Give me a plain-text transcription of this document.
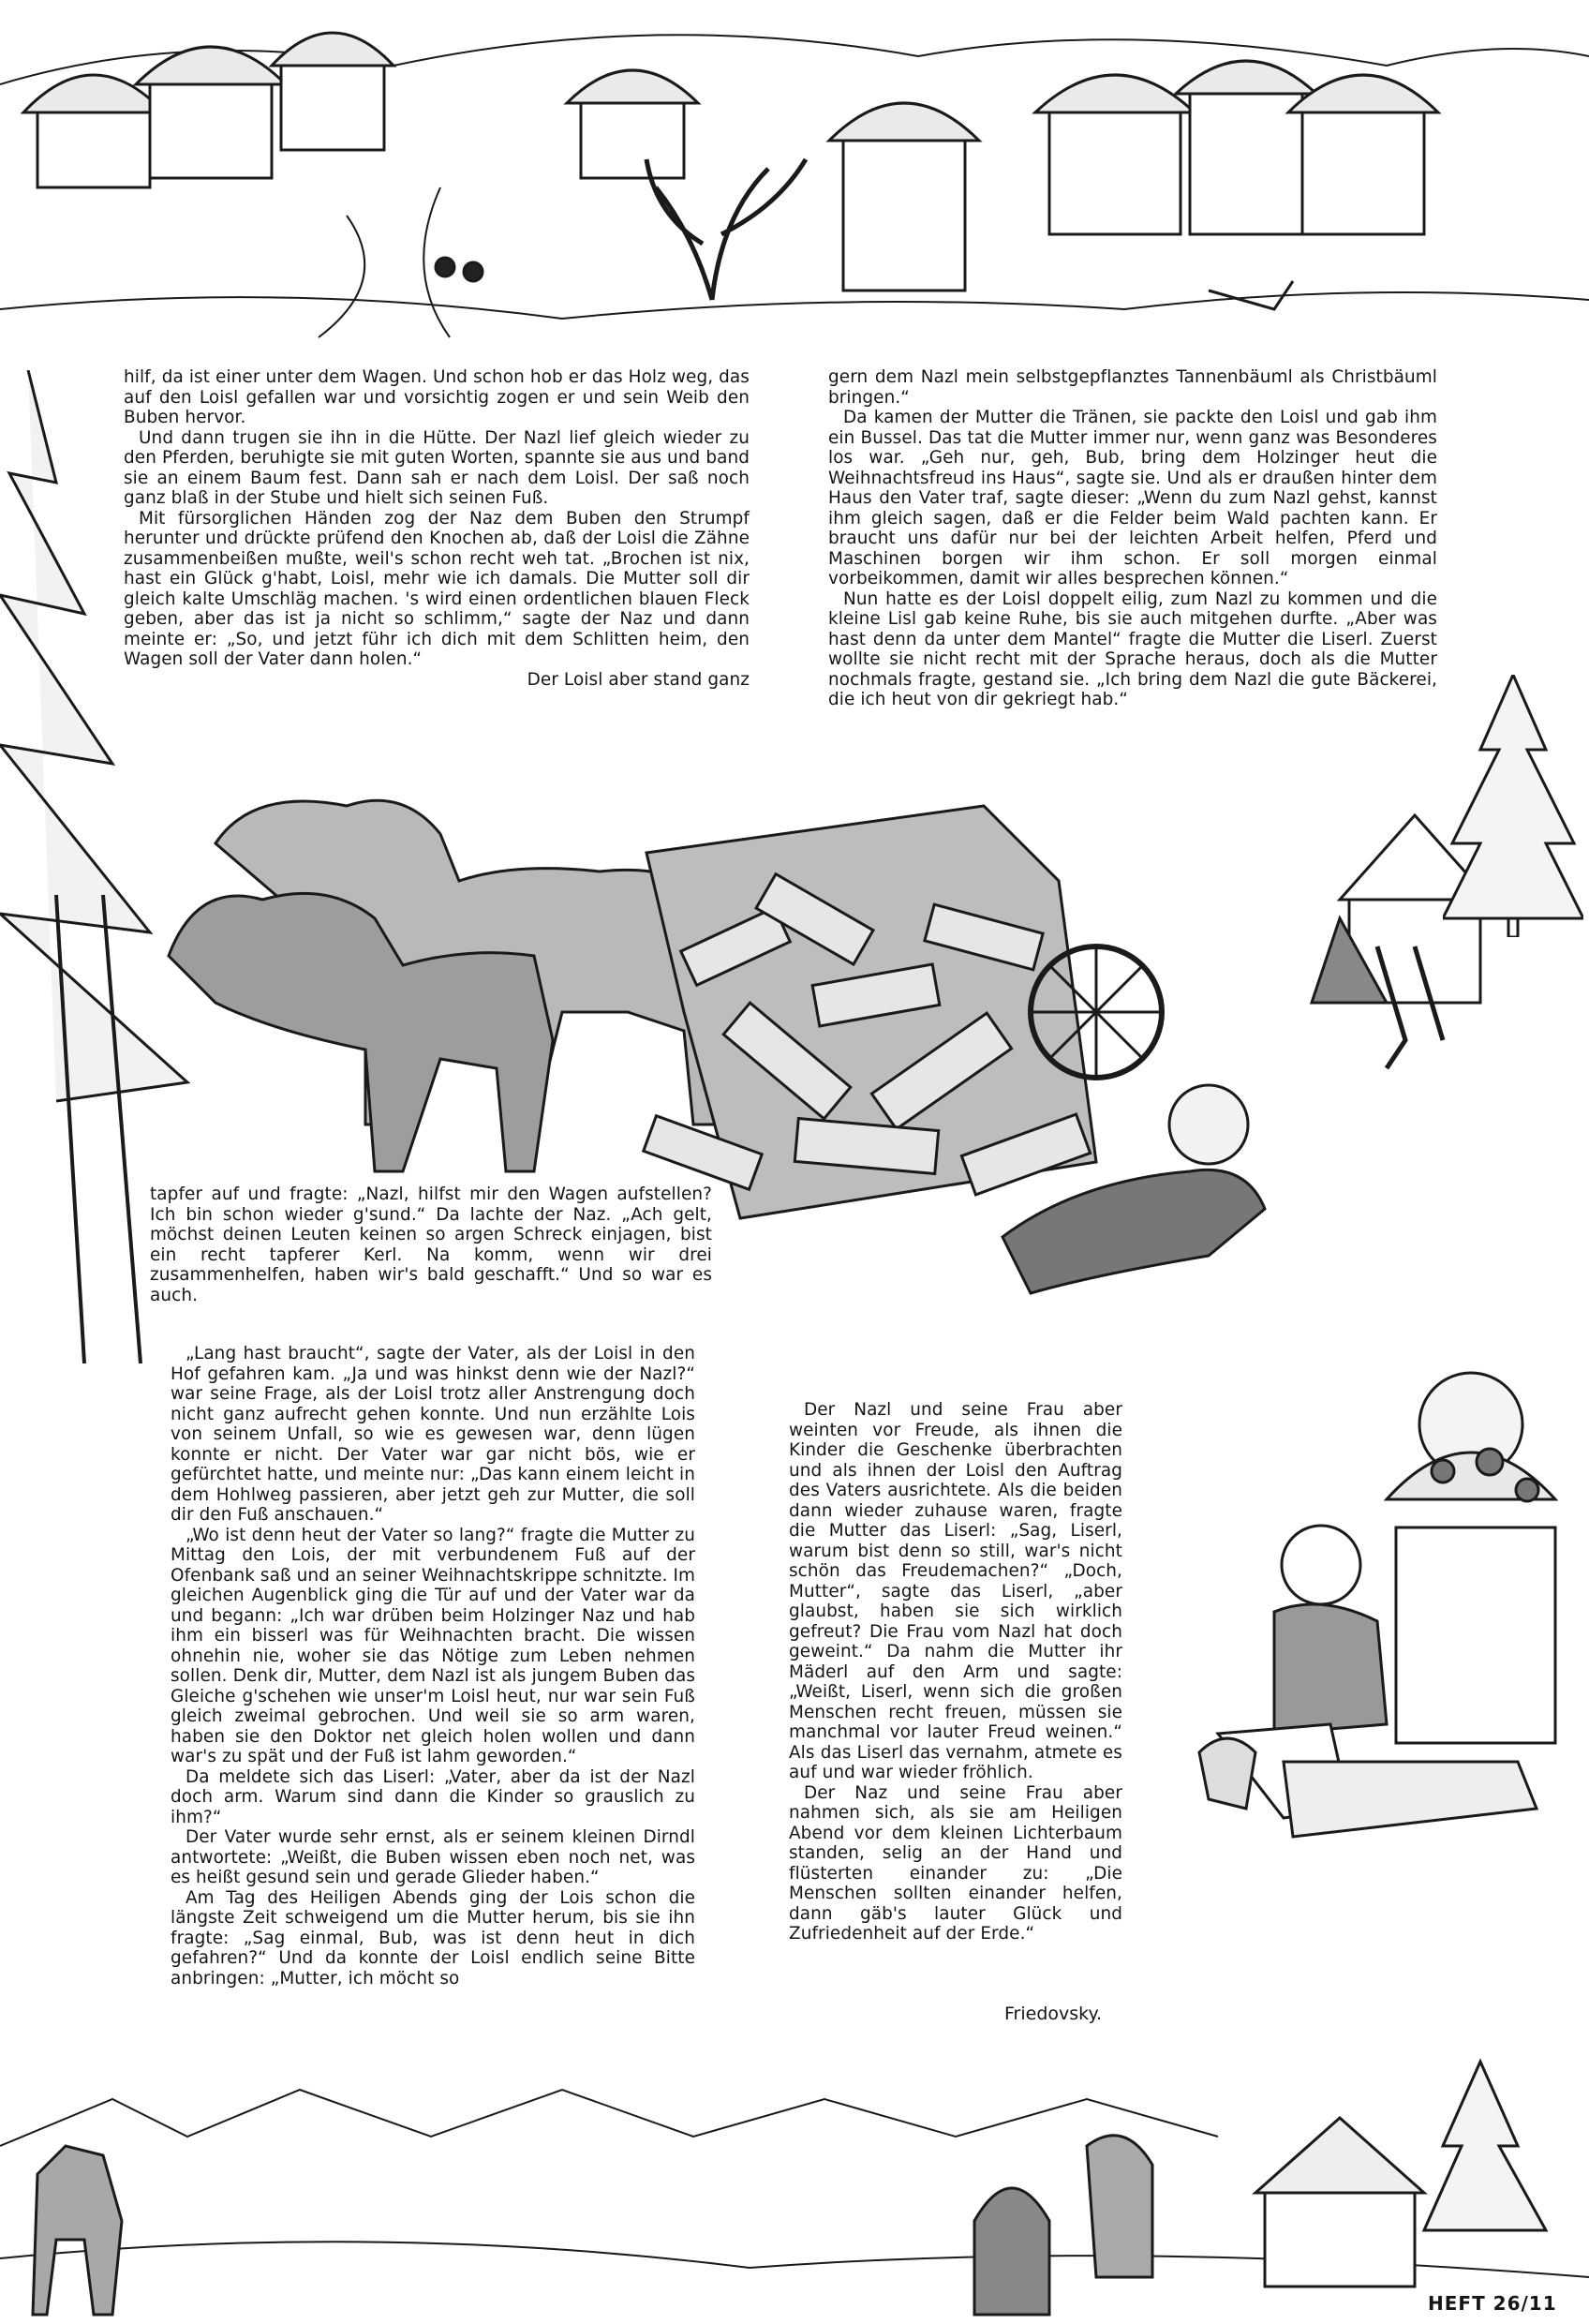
hilf, da ist einer unter dem Wagen. Und schon hob er das Holz weg, das auf den Loisl gefallen war und vorsichtig zogen er und sein Weib den Buben hervor.

Und dann trugen sie ihn in die Hütte. Der Nazl lief gleich wieder zu den Pferden, beruhigte sie mit guten Worten, spannte sie aus und band sie an einem Baum fest. Dann sah er nach dem Loisl. Der saß noch ganz blaß in der Stube und hielt sich seinen Fuß.

Mit fürsorglichen Händen zog der Naz dem Buben den Strumpf herunter und drückte prüfend den Knochen ab, daß der Loisl die Zähne zusammenbeißen mußte, weil's schon recht weh tat. „Brochen ist nix, hast ein Glück g'habt, Loisl, mehr wie ich damals. Die Mutter soll dir gleich kalte Umschläg machen. 's wird einen ordentlichen blauen Fleck geben, aber das ist ja nicht so schlimm,“ sagte der Naz und dann meinte er: „So, und jetzt führ ich dich mit dem Schlitten heim, den Wagen soll der Vater dann holen.“

Der Loisl aber stand ganz

gern dem Nazl mein selbstgepflanztes Tannenbäuml als Christbäuml bringen.“

Da kamen der Mutter die Tränen, sie packte den Loisl und gab ihm ein Bussel. Das tat die Mutter immer nur, wenn ganz was Besonderes los war. „Geh nur, geh, Bub, bring dem Holzinger heut die Weihnachtsfreud ins Haus“, sagte sie. Und als er draußen hinter dem Haus den Vater traf, sagte dieser: „Wenn du zum Nazl gehst, kannst ihm gleich sagen, daß er die Felder beim Wald pachten kann. Er braucht uns dafür nur bei der leichten Arbeit helfen, Pferd und Maschinen borgen wir ihm schon. Er soll morgen einmal vorbeikommen, damit wir alles besprechen können.“

Nun hatte es der Loisl doppelt eilig, zum Nazl zu kommen und die kleine Lisl gab keine Ruhe, bis sie auch mitgehen durfte. „Aber was hast denn da unter dem Mantel“ fragte die Mutter die Liserl. Zuerst wollte sie nicht recht mit der Sprache heraus, doch als die Mutter nochmals fragte, gestand sie. „Ich bring dem Nazl die gute Bäckerei, die ich heut von dir gekriegt hab.“

tapfer auf und fragte: „Nazl, hilfst mir den Wagen aufstellen? Ich bin schon wieder g'sund.“ Da lachte der Naz. „Ach gelt, möchst deinen Leuten keinen so argen Schreck einjagen, bist ein recht tapferer Kerl. Na komm, wenn wir drei zusammenhelfen, haben wir's bald geschafft.“ Und so war es auch.

„Lang hast braucht“, sagte der Vater, als der Loisl in den Hof gefahren kam. „Ja und was hinkst denn wie der Nazl?“ war seine Frage, als der Loisl trotz aller Anstrengung doch nicht ganz aufrecht gehen konnte. Und nun erzählte Lois von seinem Unfall, so wie es gewesen war, denn lügen konnte er nicht. Der Vater war gar nicht bös, wie er gefürchtet hatte, und meinte nur: „Das kann einem leicht in dem Hohlweg passieren, aber jetzt geh zur Mutter, die soll dir den Fuß anschauen.“

„Wo ist denn heut der Vater so lang?“ fragte die Mutter zu Mittag den Lois, der mit verbundenem Fuß auf der Ofenbank saß und an seiner Weihnachtskrippe schnitzte. Im gleichen Augenblick ging die Tür auf und der Vater war da und begann: „Ich war drüben beim Holzinger Naz und hab ihm ein bisserl was für Weihnachten bracht. Die wissen ohnehin nie, woher sie das Nötige zum Leben nehmen sollen. Denk dir, Mutter, dem Nazl ist als jungem Buben das Gleiche g'schehen wie unser'm Loisl heut, nur war sein Fuß gleich zweimal gebrochen. Und weil sie so arm waren, haben sie den Doktor net gleich holen wollen und dann war's zu spät und der Fuß ist lahm geworden.“

Da meldete sich das Liserl: „Vater, aber da ist der Nazl doch arm. Warum sind dann die Kinder so grauslich zu ihm?“

Der Vater wurde sehr ernst, als er seinem kleinen Dirndl antwortete: „Weißt, die Buben wissen eben noch net, was es heißt gesund sein und gerade Glieder haben.“

Am Tag des Heiligen Abends ging der Lois schon die längste Zeit schweigend um die Mutter herum, bis sie ihn fragte: „Sag einmal, Bub, was ist denn heut in dich gefahren?“ Und da konnte der Loisl endlich seine Bitte anbringen: „Mutter, ich möcht so

Der Nazl und seine Frau aber weinten vor Freude, als ihnen die Kinder die Geschenke überbrachten und als ihnen der Loisl den Auftrag des Vaters ausrichtete. Als die beiden dann wieder zuhause waren, fragte die Mutter das Liserl: „Sag, Liserl, warum bist denn so still, war's nicht schön das Freudemachen?“ „Doch, Mutter“, sagte das Liserl, „aber glaubst, haben sie sich wirklich gefreut? Die Frau vom Nazl hat doch geweint.“ Da nahm die Mutter ihr Mäderl auf den Arm und sagte: „Weißt, Liserl, wenn sich die großen Menschen recht freuen, müssen sie manchmal vor lauter Freud weinen.“ Als das Liserl das vernahm, atmete es auf und war wieder fröhlich.

Der Naz und seine Frau aber nahmen sich, als sie am Heiligen Abend vor dem kleinen Lichterbaum standen, selig an der Hand und flüsterten einander zu: „Die Menschen sollten einander helfen, dann gäb's lauter Glück und Zufriedenheit auf der Erde.“

Friedovsky.
HEFT 26/11
